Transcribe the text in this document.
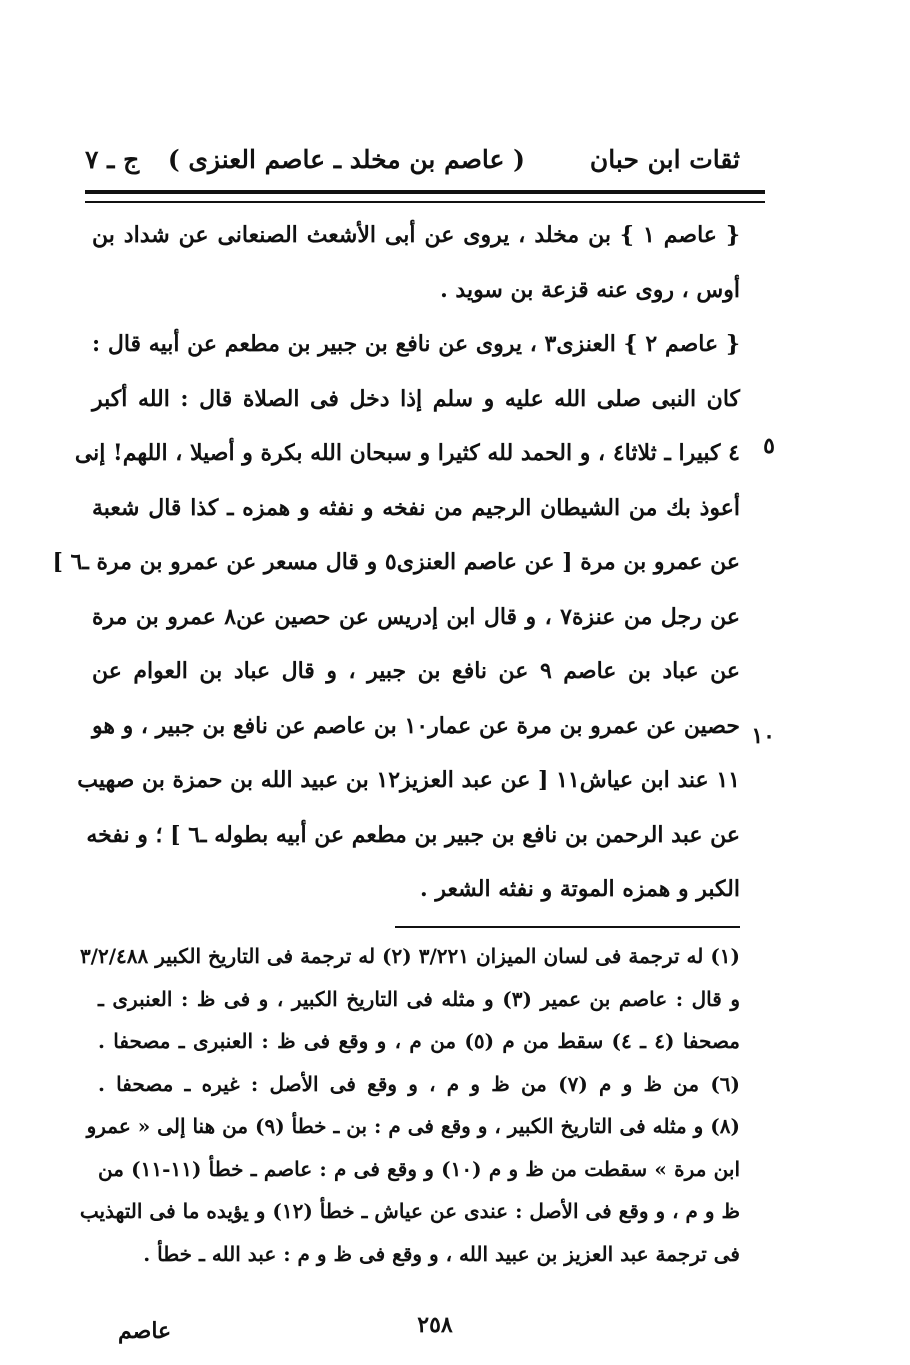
ثقات ابن حبان
( عاصم بن مخلد ـ عاصم العنزى )
ج ـ ٧
٥
١٠
{ عاصم ١ } بن مخلد ، يروى عن أبى الأشعث الصنعانى عن شداد بن
أوس ، روى عنه قزعة بن سويد .
{ عاصم ٢ } العنزى٣ ، يروى عن نافع بن جبير بن مطعم عن أبيه قال :
كان النبى صلى الله عليه و سلم إذا دخل فى الصلاة قال : الله أكبر
٤ كبيرا ـ ثلاثا٤ ، و الحمد لله كثيرا و سبحان الله بكرة و أصيلا ، اللهم! إنى
أعوذ بك من الشيطان الرجيم من نفخه و نفثه و همزه ـ كذا قال شعبة
عن عمرو بن مرة [ عن عاصم العنزى٥ و قال مسعر عن عمرو بن مرة ـ٦ ]
عن رجل من عنزة٧ ، و قال ابن إدريس عن حصين عن٨ عمرو بن مرة
عن عباد بن عاصم ٩ عن نافع بن جبير ، و قال عباد بن العوام عن
حصين عن عمرو بن مرة عن عمار١٠ بن عاصم عن نافع بن جبير ، و هو
١١ عند ابن عياش١١ [ عن عبد العزيز١٢ بن عبيد الله بن حمزة بن صهيب
عن عبد الرحمن بن نافع بن جبير بن مطعم عن أبيه بطوله ـ٦ ] ؛ و نفخه
الكبر و همزه الموتة و نفثه الشعر .
(١) له ترجمة فى لسان الميزان ٣/٢٢١ (٢) له ترجمة فى التاريخ الكبير ٣/٢/٤٨٨
و قال : عاصم بن عمير (٣) و مثله فى التاريخ الكبير ، و فى ظ : العنبرى ـ
مصحفا (٤ ـ ٤) سقط من م (٥) من م ، و وقع فى ظ : العنبرى ـ مصحفا .
(٦) من ظ و م (٧) من ظ و م ، و وقع فى الأصل : غيره ـ مصحفا .
(٨) و مثله فى التاريخ الكبير ، و وقع فى م : بن ـ خطأ (٩) من هنا إلى « عمرو
ابن مرة » سقطت من ظ و م (١٠) و وقع فى م : عاصم ـ خطأ (١١-١١) من
ظ و م ، و وقع فى الأصل : عندى عن عياش ـ خطأ (١٢) و يؤيده ما فى التهذيب
فى ترجمة عبد العزيز بن عبيد الله ، و وقع فى ظ و م : عبد الله ـ خطأ .
٢٥٨
عاصم
